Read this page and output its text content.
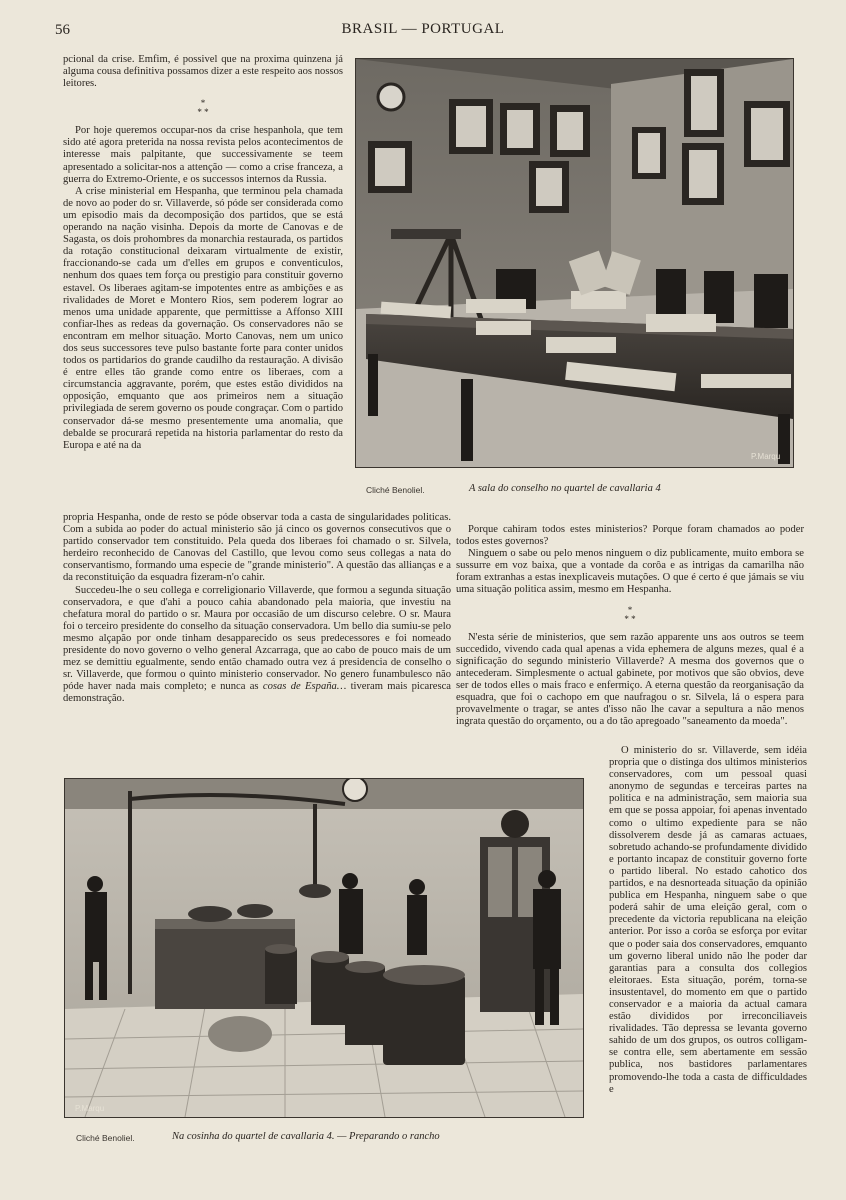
56	BRASIL — PORTUGAL

pcional da crise. Emfim, é possivel que na proxima quinzena já alguma cousa definitiva possamos dizer a este respeito aos nossos leitores.

*
* *

Por hoje queremos occupar-nos da crise hespanhola, que tem sido até agora preterida na nossa revista pelos acontecimentos de interesse mais palpitante, que successivamente se teem apresentado a solicitar-nos a attenção — como a crise franceza, a guerra do Extremo-Oriente, e os successos internos da Russia.

A crise ministerial em Hespanha, que terminou pela chamada de novo ao poder do sr. Villaverde, só póde ser considerada como um episodio mais da decomposição dos partidos, que se está operando na nação visinha. Depois da morte de Canovas e de Sagasta, os dois prohombres da monarchia restaurada, os partidos da rotação constitucional deixaram virtualmente de existir, fraccionando-se cada um d'elles em grupos e conventiculos, nenhum dos quaes tem força ou prestigio para constituir governo estavel. Os liberaes agitam-se impotentes entre as ambições e as rivalidades de Moret e Montero Rios, sem poderem lograr ao menos uma unidade apparente, que permittisse a Affonso XIII confiar-lhes as redeas da governação. Os conservadores não se encontram em melhor situação. Morto Canovas, nem um unico dos seus successores teve pulso bastante forte para conter unidos todos os partidarios do grande caudilho da restauração. A divisão é entre elles tão grande como entre os liberaes, com a circumstancia aggravante, porém, que estes estão divididos na opposição, emquanto que aos primeiros nem a situação privilegiada de serem governo os poude congraçar. Com o partido conservador dá-se mesmo presentemente uma anomalia, que debalde se procurará repetida na historia parlamentar do resto da Europa e até na da

P.Marqu
Cliché Benoliel.	A sala do conselho no quartel de cavallaria 4

propria Hespanha, onde de resto se póde observar toda a casta de singularidades politicas. Com a subida ao poder do actual ministerio são já cinco os governos consecutivos que o partido conservador tem constituido. Pela queda dos liberaes foi chamado o sr. Silvela, herdeiro reconhecido de Canovas del Castillo, que levou como seus collegas a nata do conservantismo, formando uma especie de "grande ministerio". A questão das allianças e a da reconstituição da esquadra fizeram-n'o cahir.

Succedeu-lhe o seu collega e correligionario Villaverde, que formou a segunda situação conservadora, e que d'ahi a pouco cahia abandonado pela maioria, que investiu na chefatura moral do partido o sr. Maura por occasião de um discurso celebre. O sr. Maura foi o terceiro presidente do conselho da situação conservadora. Um bello dia sumiu-se pelo mesmo alçapão por onde tinham desapparecido os seus predecessores e foi nomeado presidente do novo governo o velho general Azcarraga, que ao cabo de pouco mais de um mez se demittiu egualmente, sendo então chamado outra vez á presidencia de conselho o sr. Villaverde, que formou o quinto ministerio conservador. No genero funambulesco não póde haver nada mais completo; e nunca as cosas de España… tiveram mais picaresca demonstração.

Porque cahiram todos estes ministerios? Porque foram chamados ao poder todos estes governos?

Ninguem o sabe ou pelo menos ninguem o diz publicamente, muito embora se sussurre em voz baixa, que a vontade da corôa e as intrigas da camarilha não foram extranhas a estas inexplicaveis mutações. O que é certo é que jámais se viu uma situação politica assim, mesmo em Hespanha.

*
* *

N'esta série de ministerios, que sem razão apparente uns aos outros se teem succedido, vivendo cada qual apenas a vida ephemera de alguns mezes, qual é a significação do segundo ministerio Villaverde? A mesma dos governos que o antecederam. Simplesmente o actual gabinete, por motivos que são obvios, deve ser de todos elles o mais fraco e enfermiço. A eterna questão da reorganisação da esquadra, que foi o cachopo em que naufragou o sr. Silvela, lá o espera para provavelmente o tragar, se antes d'isso não lhe cavar a sepultura a não menos ingrata questão do orçamento, ou a do tão apregoado "saneamento da moeda".

O ministerio do sr. Villaverde, sem idéia propria que o distinga dos ultimos ministerios conservadores, com um pessoal quasi anonymo de segundas e terceiras partes na politica e na administração, sem maioria sua em que se possa appoiar, foi apenas inventado como o ultimo expediente para se não dissolverem desde já as camaras actuaes, sobretudo achando-se profundamente dividido e portanto incapaz de constituir governo forte o partido liberal. No estado cahotico dos partidos, e na desnorteada situação da opinião publica em Hespanha, ninguem sabe o que poderá sahir de uma eleição geral, com o precedente da victoria republicana na eleição anterior. Por isso a corôa se esforça por evitar que o poder saia dos conservadores, emquanto um governo liberal unido não lhe poder dar garantias para a consulta dos collegios eleitoraes. Esta situação, porém, torna-se insustentavel, do momento em que o partido conservador e a maioria da actual camara estão divididos por irreconciliaveis rivalidades. Tão depressa se levanta governo sahido de um dos grupos, os outros colligam-se contra elle, sem abertamente em sessão publica, nos bastidores parlamentares promovendo-lhe toda a casta de difficuldades e

P.Marqu
Cliché Benoliel.	Na cosinha do quartel de cavallaria 4. — Preparando o rancho
